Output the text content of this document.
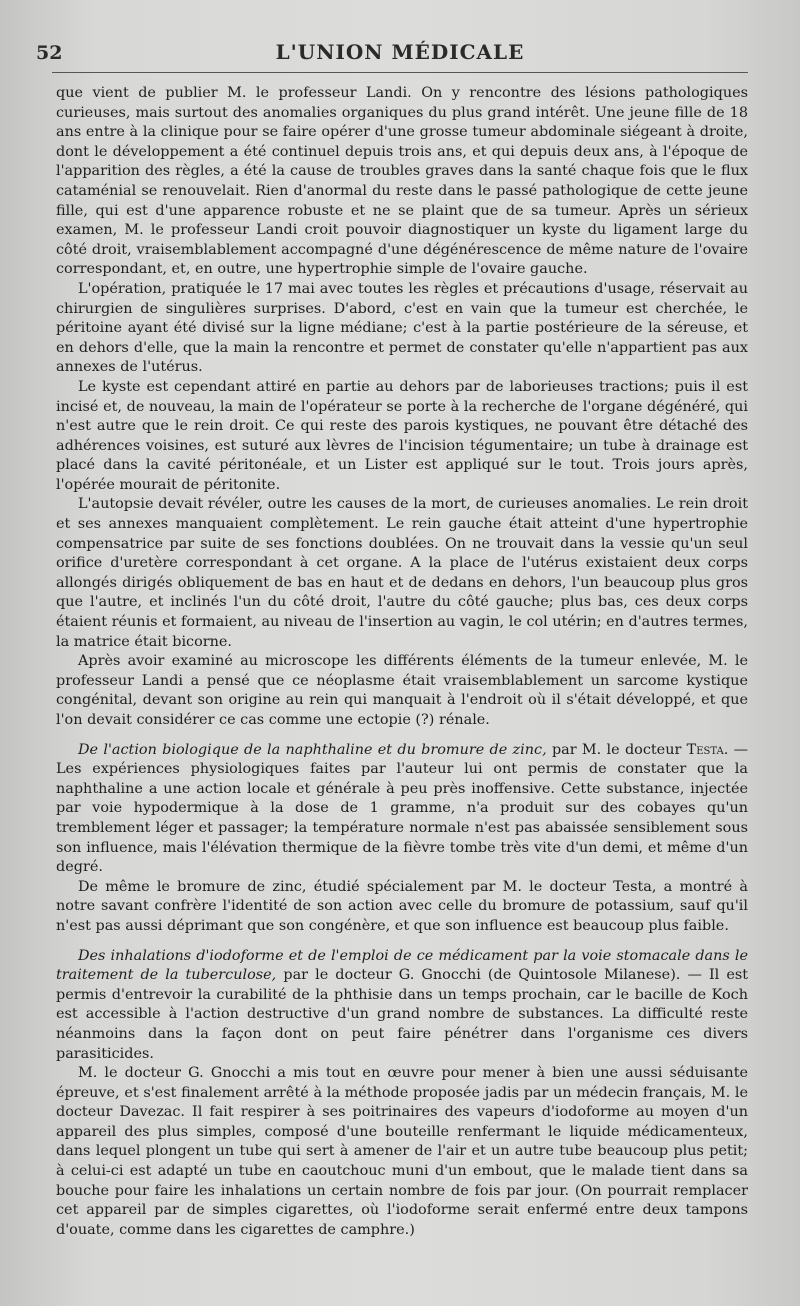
52	L'UNION MÉDICALE

que vient de publier M. le professeur Landi. On y rencontre des lésions pathologiques curieuses, mais surtout des anomalies organiques du plus grand intérêt. Une jeune fille de 18 ans entre à la clinique pour se faire opérer d'une grosse tumeur abdominale siégeant à droite, dont le développement a été continuel depuis trois ans, et qui depuis deux ans, à l'époque de l'apparition des règles, a été la cause de troubles graves dans la santé chaque fois que le flux cataménial se renouvelait. Rien d'anormal du reste dans le passé pathologique de cette jeune fille, qui est d'une apparence robuste et ne se plaint que de sa tumeur. Après un sérieux examen, M. le professeur Landi croit pouvoir diagnostiquer un kyste du ligament large du côté droit, vraisemblablement accompagné d'une dégénérescence de même nature de l'ovaire correspondant, et, en outre, une hypertrophie simple de l'ovaire gauche.

L'opération, pratiquée le 17 mai avec toutes les règles et précautions d'usage, réservait au chirurgien de singulières surprises. D'abord, c'est en vain que la tumeur est cherchée, le péritoine ayant été divisé sur la ligne médiane; c'est à la partie postérieure de la séreuse, et en dehors d'elle, que la main la rencontre et permet de constater qu'elle n'appartient pas aux annexes de l'utérus.

Le kyste est cependant attiré en partie au dehors par de laborieuses tractions; puis il est incisé et, de nouveau, la main de l'opérateur se porte à la recherche de l'organe dégénéré, qui n'est autre que le rein droit. Ce qui reste des parois kystiques, ne pouvant être détaché des adhérences voisines, est suturé aux lèvres de l'incision tégumentaire; un tube à drainage est placé dans la cavité péritonéale, et un Lister est appliqué sur le tout. Trois jours après, l'opérée mourait de péritonite.

L'autopsie devait révéler, outre les causes de la mort, de curieuses anomalies. Le rein droit et ses annexes manquaient complètement. Le rein gauche était atteint d'une hypertrophie compensatrice par suite de ses fonctions doublées. On ne trouvait dans la vessie qu'un seul orifice d'uretère correspondant à cet organe. A la place de l'utérus existaient deux corps allongés dirigés obliquement de bas en haut et de dedans en dehors, l'un beaucoup plus gros que l'autre, et inclinés l'un du côté droit, l'autre du côté gauche; plus bas, ces deux corps étaient réunis et formaient, au niveau de l'insertion au vagin, le col utérin; en d'autres termes, la matrice était bicorne.

Après avoir examiné au microscope les différents éléments de la tumeur enlevée, M. le professeur Landi a pensé que ce néoplasme était vraisemblablement un sarcome kystique congénital, devant son origine au rein qui manquait à l'endroit où il s'était développé, et que l'on devait considérer ce cas comme une ectopie (?) rénale.

De l'action biologique de la naphthaline et du bromure de zinc, par M. le docteur Testa. — Les expériences physiologiques faites par l'auteur lui ont permis de constater que la naphthaline a une action locale et générale à peu près inoffensive. Cette substance, injectée par voie hypodermique à la dose de 1 gramme, n'a produit sur des cobayes qu'un tremblement léger et passager; la température normale n'est pas abaissée sensiblement sous son influence, mais l'élévation thermique de la fièvre tombe très vite d'un demi, et même d'un degré.

De même le bromure de zinc, étudié spécialement par M. le docteur Testa, a montré à notre savant confrère l'identité de son action avec celle du bromure de potassium, sauf qu'il n'est pas aussi déprimant que son congénère, et que son influence est beaucoup plus faible.

Des inhalations d'iodoforme et de l'emploi de ce médicament par la voie stomacale dans le traitement de la tuberculose, par le docteur G. Gnocchi (de Quintosole Milanese). — Il est permis d'entrevoir la curabilité de la phthisie dans un temps prochain, car le bacille de Koch est accessible à l'action destructive d'un grand nombre de substances. La difficulté reste néanmoins dans la façon dont on peut faire pénétrer dans l'organisme ces divers parasiticides.

M. le docteur G. Gnocchi a mis tout en œuvre pour mener à bien une aussi séduisante épreuve, et s'est finalement arrêté à la méthode proposée jadis par un médecin français, M. le docteur Davezac. Il fait respirer à ses poitrinaires des vapeurs d'iodoforme au moyen d'un appareil des plus simples, composé d'une bouteille renfermant le liquide médicamenteux, dans lequel plongent un tube qui sert à amener de l'air et un autre tube beaucoup plus petit; à celui-ci est adapté un tube en caoutchouc muni d'un embout, que le malade tient dans sa bouche pour faire les inhalations un certain nombre de fois par jour. (On pourrait remplacer cet appareil par de simples cigarettes, où l'iodoforme serait enfermé entre deux tampons d'ouate, comme dans les cigarettes de camphre.)
